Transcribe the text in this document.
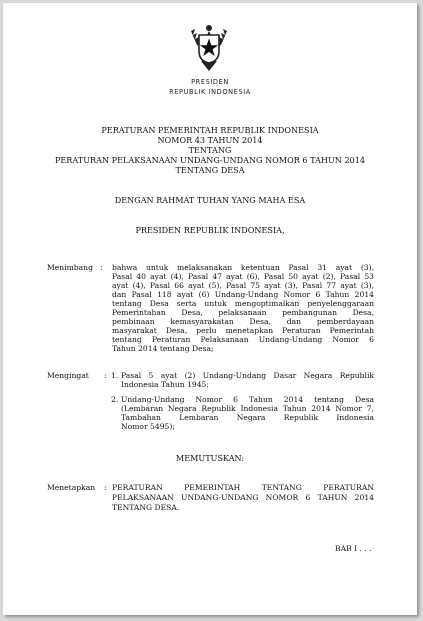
PRESIDEN
REPUBLIK INDONESIA
PERATURAN PEMERINTAH REPUBLIK INDONESIA
NOMOR 43 TAHUN 2014
TENTANG
PERATURAN PELAKSANAAN UNDANG-UNDANG NOMOR 6 TAHUN 2014
TENTANG DESA
DENGAN RAHMAT TUHAN YANG MAHA ESA
PRESIDEN REPUBLIK INDONESIA,
Menimbang : bahwa untuk melaksanakan ketentuan Pasal 31 ayat (3),
Pasal 40 ayat (4), Pasal 47 ayat (6), Pasal 50 ayat (2), Pasal 53
ayat (4), Pasal 66 ayat (5), Pasal 75 ayat (3), Pasal 77 ayat (3),
dan Pasal 118 ayat (6) Undang-Undang Nomor 6 Tahun 2014
tentang Desa serta untuk mengoptimalkan penyelenggaraan
Pemerintahan Desa, pelaksanaan pembangunan Desa,
pembinaan kemasyarakatan Desa, dan pemberdayaan
masyarakat Desa, perlu menetapkan Peraturan Pemerintah
tentang Peraturan Pelaksanaan Undang-Undang Nomor 6
Tahun 2014 tentang Desa;
Mengingat : 1. Pasal 5 ayat (2) Undang-Undang Dasar Negara Republik
Indonesia Tahun 1945;
2. Undang-Undang Nomor 6 Tahun 2014 tentang Desa
(Lembaran Negara Republik Indonesia Tahun 2014 Nomor 7,
Tambahan Lembaran Negara Republik Indonesia
Nomor 5495);
MEMUTUSKAN:
Menetapkan : PERATURAN PEMERINTAH TENTANG PERATURAN
PELAKSANAAN UNDANG-UNDANG NOMOR 6 TAHUN 2014
TENTANG DESA.
BAB I . . .
